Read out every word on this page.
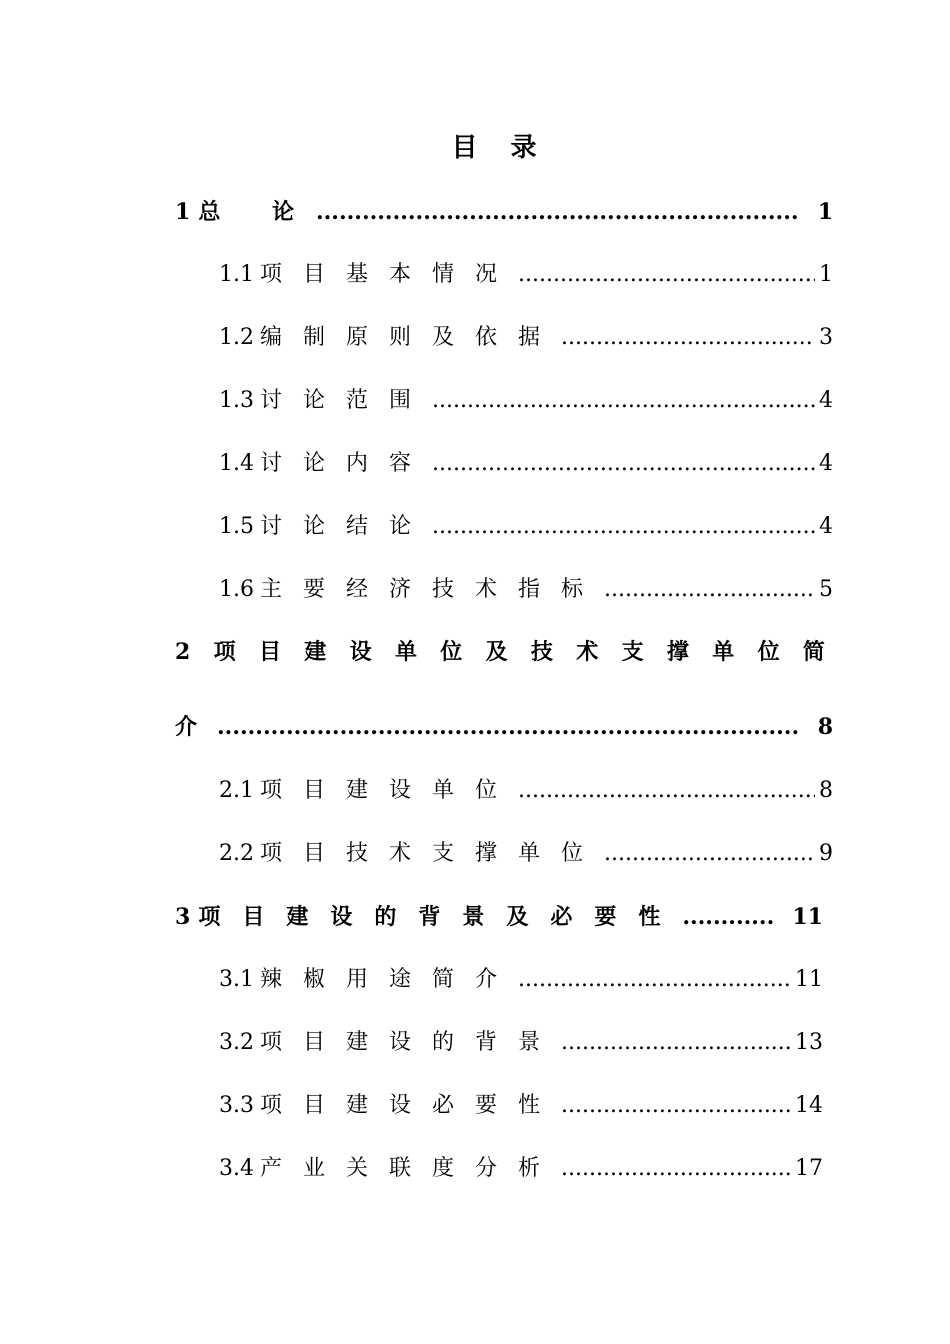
目 录
1 总 论 .....	1
1.1 项目基本情况 .....	1
1.2 编制原则及依据 .....	3
1.3 讨论范围 .....	4
1.4 讨论内容 .....	4
1.5 讨论结论 .....	4
1.6 主要经济技术指标 .....	5
2 项 目 建 设 单 位 及 技 术 支 撑 单 位 简
介 .....	8
2.1 项目建设单位 .....	8
2.2 项目技术支撑单位 .....	9
3 项目建设的背景及必要性 .....	11
3.1 辣椒用途简介 .....	11
3.2 项目建设的背景 .....	13
3.3 项目建设必要性 .....	14
3.4 产业关联度分析 .....	17
